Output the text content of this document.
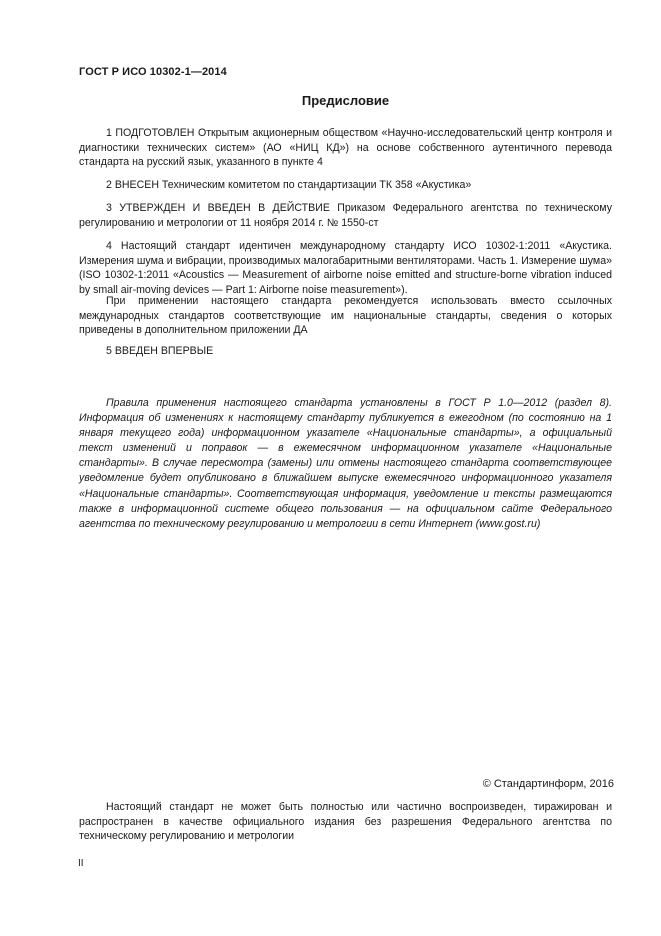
ГОСТ Р ИСО 10302-1—2014
Предисловие

1 ПОДГОТОВЛЕН Открытым акционерным обществом «Научно-исследовательский центр контроля и диагностики технических систем» (АО «НИЦ КД») на основе собственного аутентичного перевода стандарта на русский язык, указанного в пункте 4

2 ВНЕСЕН Техническим комитетом по стандартизации ТК 358 «Акустика»

3 УТВЕРЖДЕН И ВВЕДЕН В ДЕЙСТВИЕ Приказом Федерального агентства по техническому регулированию и метрологии от 11 ноября 2014 г. № 1550-ст

4 Настоящий стандарт идентичен международному стандарту ИСО 10302-1:2011 «Акустика. Измерения шума и вибрации, производимых малогабаритными вентиляторами. Часть 1. Измерение шума» (ISO 10302-1:2011 «Acoustics — Measurement of airborne noise emitted and structure-borne vibration induced by small air-moving devices — Part 1: Airborne noise measurement»).

При применении настоящего стандарта рекомендуется использовать вместо ссылочных международных стандартов соответствующие им национальные стандарты, сведения о которых приведены в дополнительном приложении ДА

5 ВВЕДЕН ВПЕРВЫЕ

Правила применения настоящего стандарта установлены в ГОСТ Р 1.0—2012 (раздел 8). Информация об изменениях к настоящему стандарту публикуется в ежегодном (по состоянию на 1 января текущего года) информационном указателе «Национальные стандарты», а официальный текст изменений и поправок — в ежемесячном информационном указателе «Национальные стандарты». В случае пересмотра (замены) или отмены настоящего стандарта соответствующее уведомление будет опубликовано в ближайшем выпуске ежемесячного информационного указателя «Национальные стандарты». Соответствующая информация, уведомление и тексты размещаются также в информационной системе общего пользования — на официальном сайте Федерального агентства по техническому регулированию и метрологии в сети Интернет (www.gost.ru)

© Стандартинформ, 2016

Настоящий стандарт не может быть полностью или частично воспроизведен, тиражирован и распространен в качестве официального издания без разрешения Федерального агентства по техническому регулированию и метрологии

II
